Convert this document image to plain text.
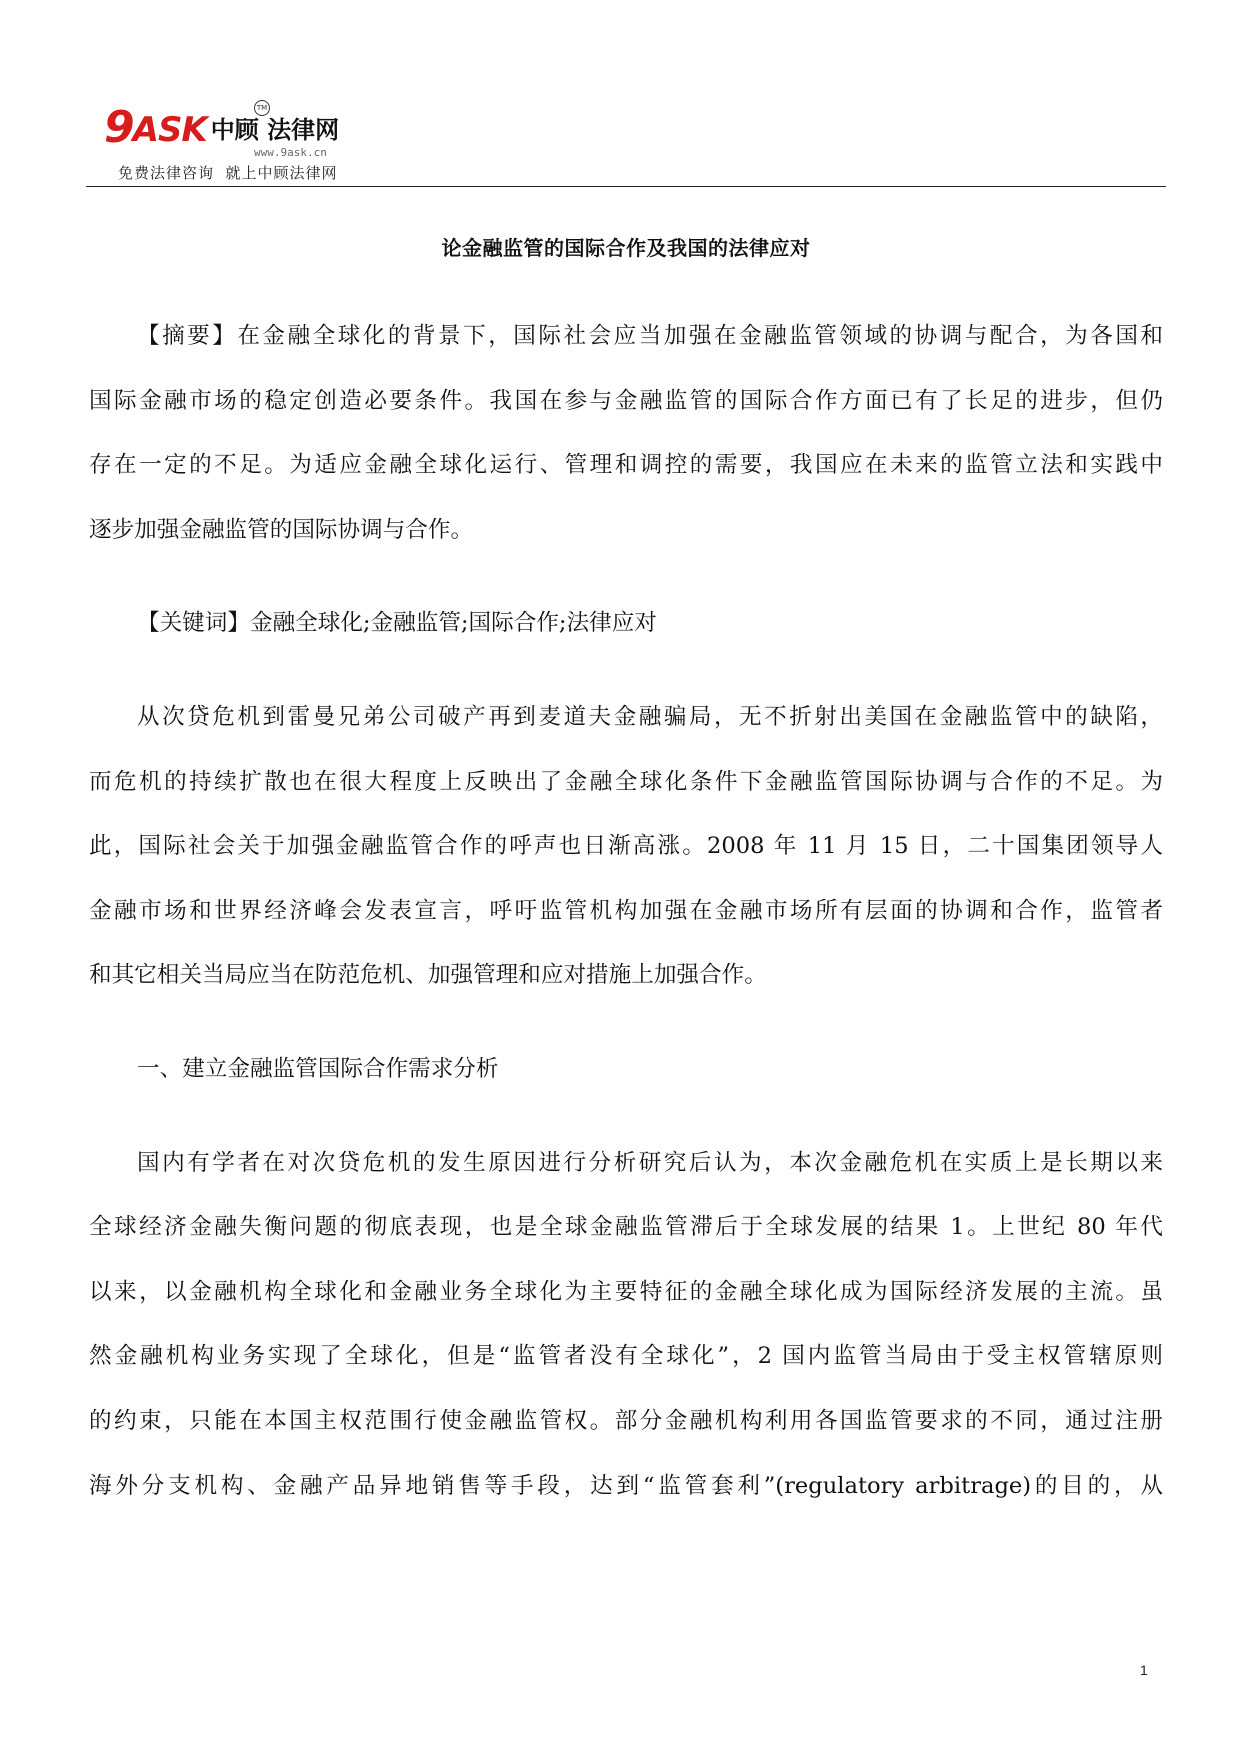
9 ASK 中顾 法律网
TM
www.9ask.cn
免费法律咨询  就上中顾法律网
论金融监管的国际合作及我国的法律应对
【摘要】在金融全球化的背景下，国际社会应当加强在金融监管领域的协调与配合，为各国和
国际金融市场的稳定创造必要条件。我国在参与金融监管的国际合作方面已有了长足的进步，但仍
存在一定的不足。为适应金融全球化运行、管理和调控的需要，我国应在未来的监管立法和实践中
逐步加强金融监管的国际协调与合作。
【关键词】金融全球化;金融监管;国际合作;法律应对
从次贷危机到雷曼兄弟公司破产再到麦道夫金融骗局，无不折射出美国在金融监管中的缺陷，
而危机的持续扩散也在很大程度上反映出了金融全球化条件下金融监管国际协调与合作的不足。为
此，国际社会关于加强金融监管合作的呼声也日渐高涨。2008 年 11 月 15 日，二十国集团领导人
金融市场和世界经济峰会发表宣言，呼吁监管机构加强在金融市场所有层面的协调和合作，监管者
和其它相关当局应当在防范危机、加强管理和应对措施上加强合作。
一、建立金融监管国际合作需求分析
国内有学者在对次贷危机的发生原因进行分析研究后认为，本次金融危机在实质上是长期以来
全球经济金融失衡问题的彻底表现，也是全球金融监管滞后于全球发展的结果 1。上世纪 80 年代
以来，以金融机构全球化和金融业务全球化为主要特征的金融全球化成为国际经济发展的主流。虽
然金融机构业务实现了全球化，但是“监管者没有全球化”，2 国内监管当局由于受主权管辖原则
的约束，只能在本国主权范围行使金融监管权。部分金融机构利用各国监管要求的不同，通过注册
海外分支机构、金融产品异地销售等手段，达到“监管套利”(regulatory arbitrage)的目的，从
1
